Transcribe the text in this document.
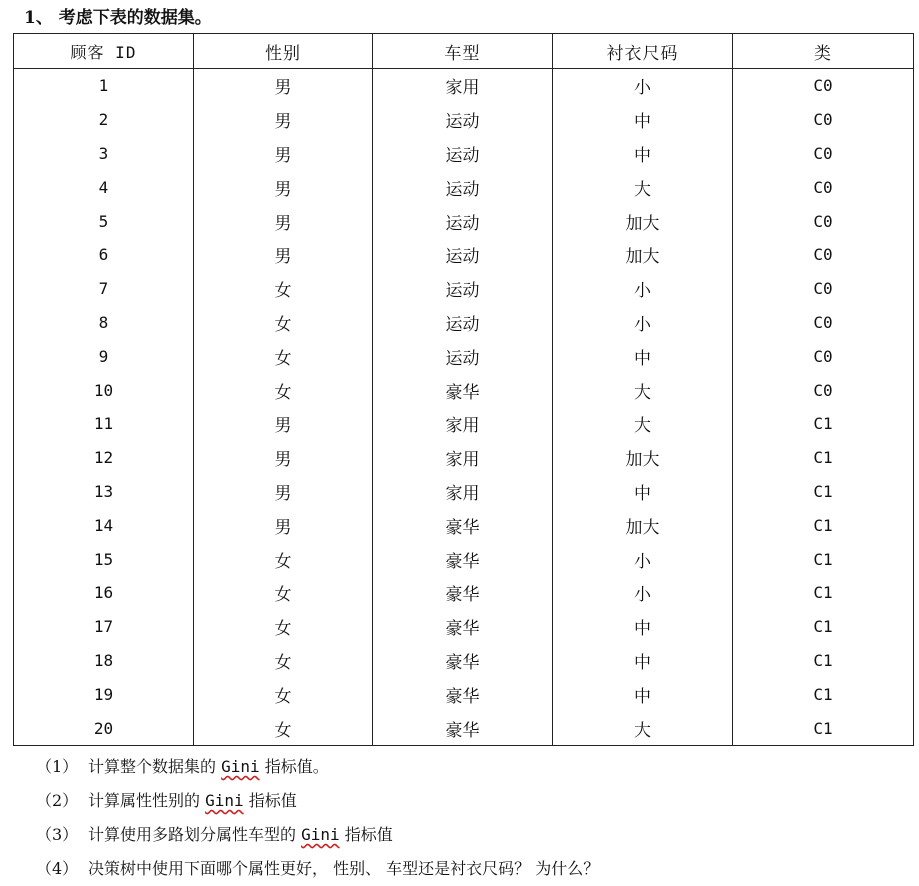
1、 考虑下表的数据集。
顾客 ID	性别	车型	衬衣尺码	类
1	男	家用	小	C0
2	男	运动	中	C0
3	男	运动	中	C0
4	男	运动	大	C0
5	男	运动	加大	C0
6	男	运动	加大	C0
7	女	运动	小	C0
8	女	运动	小	C0
9	女	运动	中	C0
10	女	豪华	大	C0
11	男	家用	大	C1
12	男	家用	加大	C1
13	男	家用	中	C1
14	男	豪华	加大	C1
15	女	豪华	小	C1
16	女	豪华	小	C1
17	女	豪华	中	C1
18	女	豪华	中	C1
19	女	豪华	中	C1
20	女	豪华	大	C1
（1） 计算整个数据集的 Gini 指标值。
（2） 计算属性性别的 Gini 指标值
（3） 计算使用多路划分属性车型的 Gini 指标值
（4） 决策树中使用下面哪个属性更好， 性别、 车型还是衬衣尺码？ 为什么？
